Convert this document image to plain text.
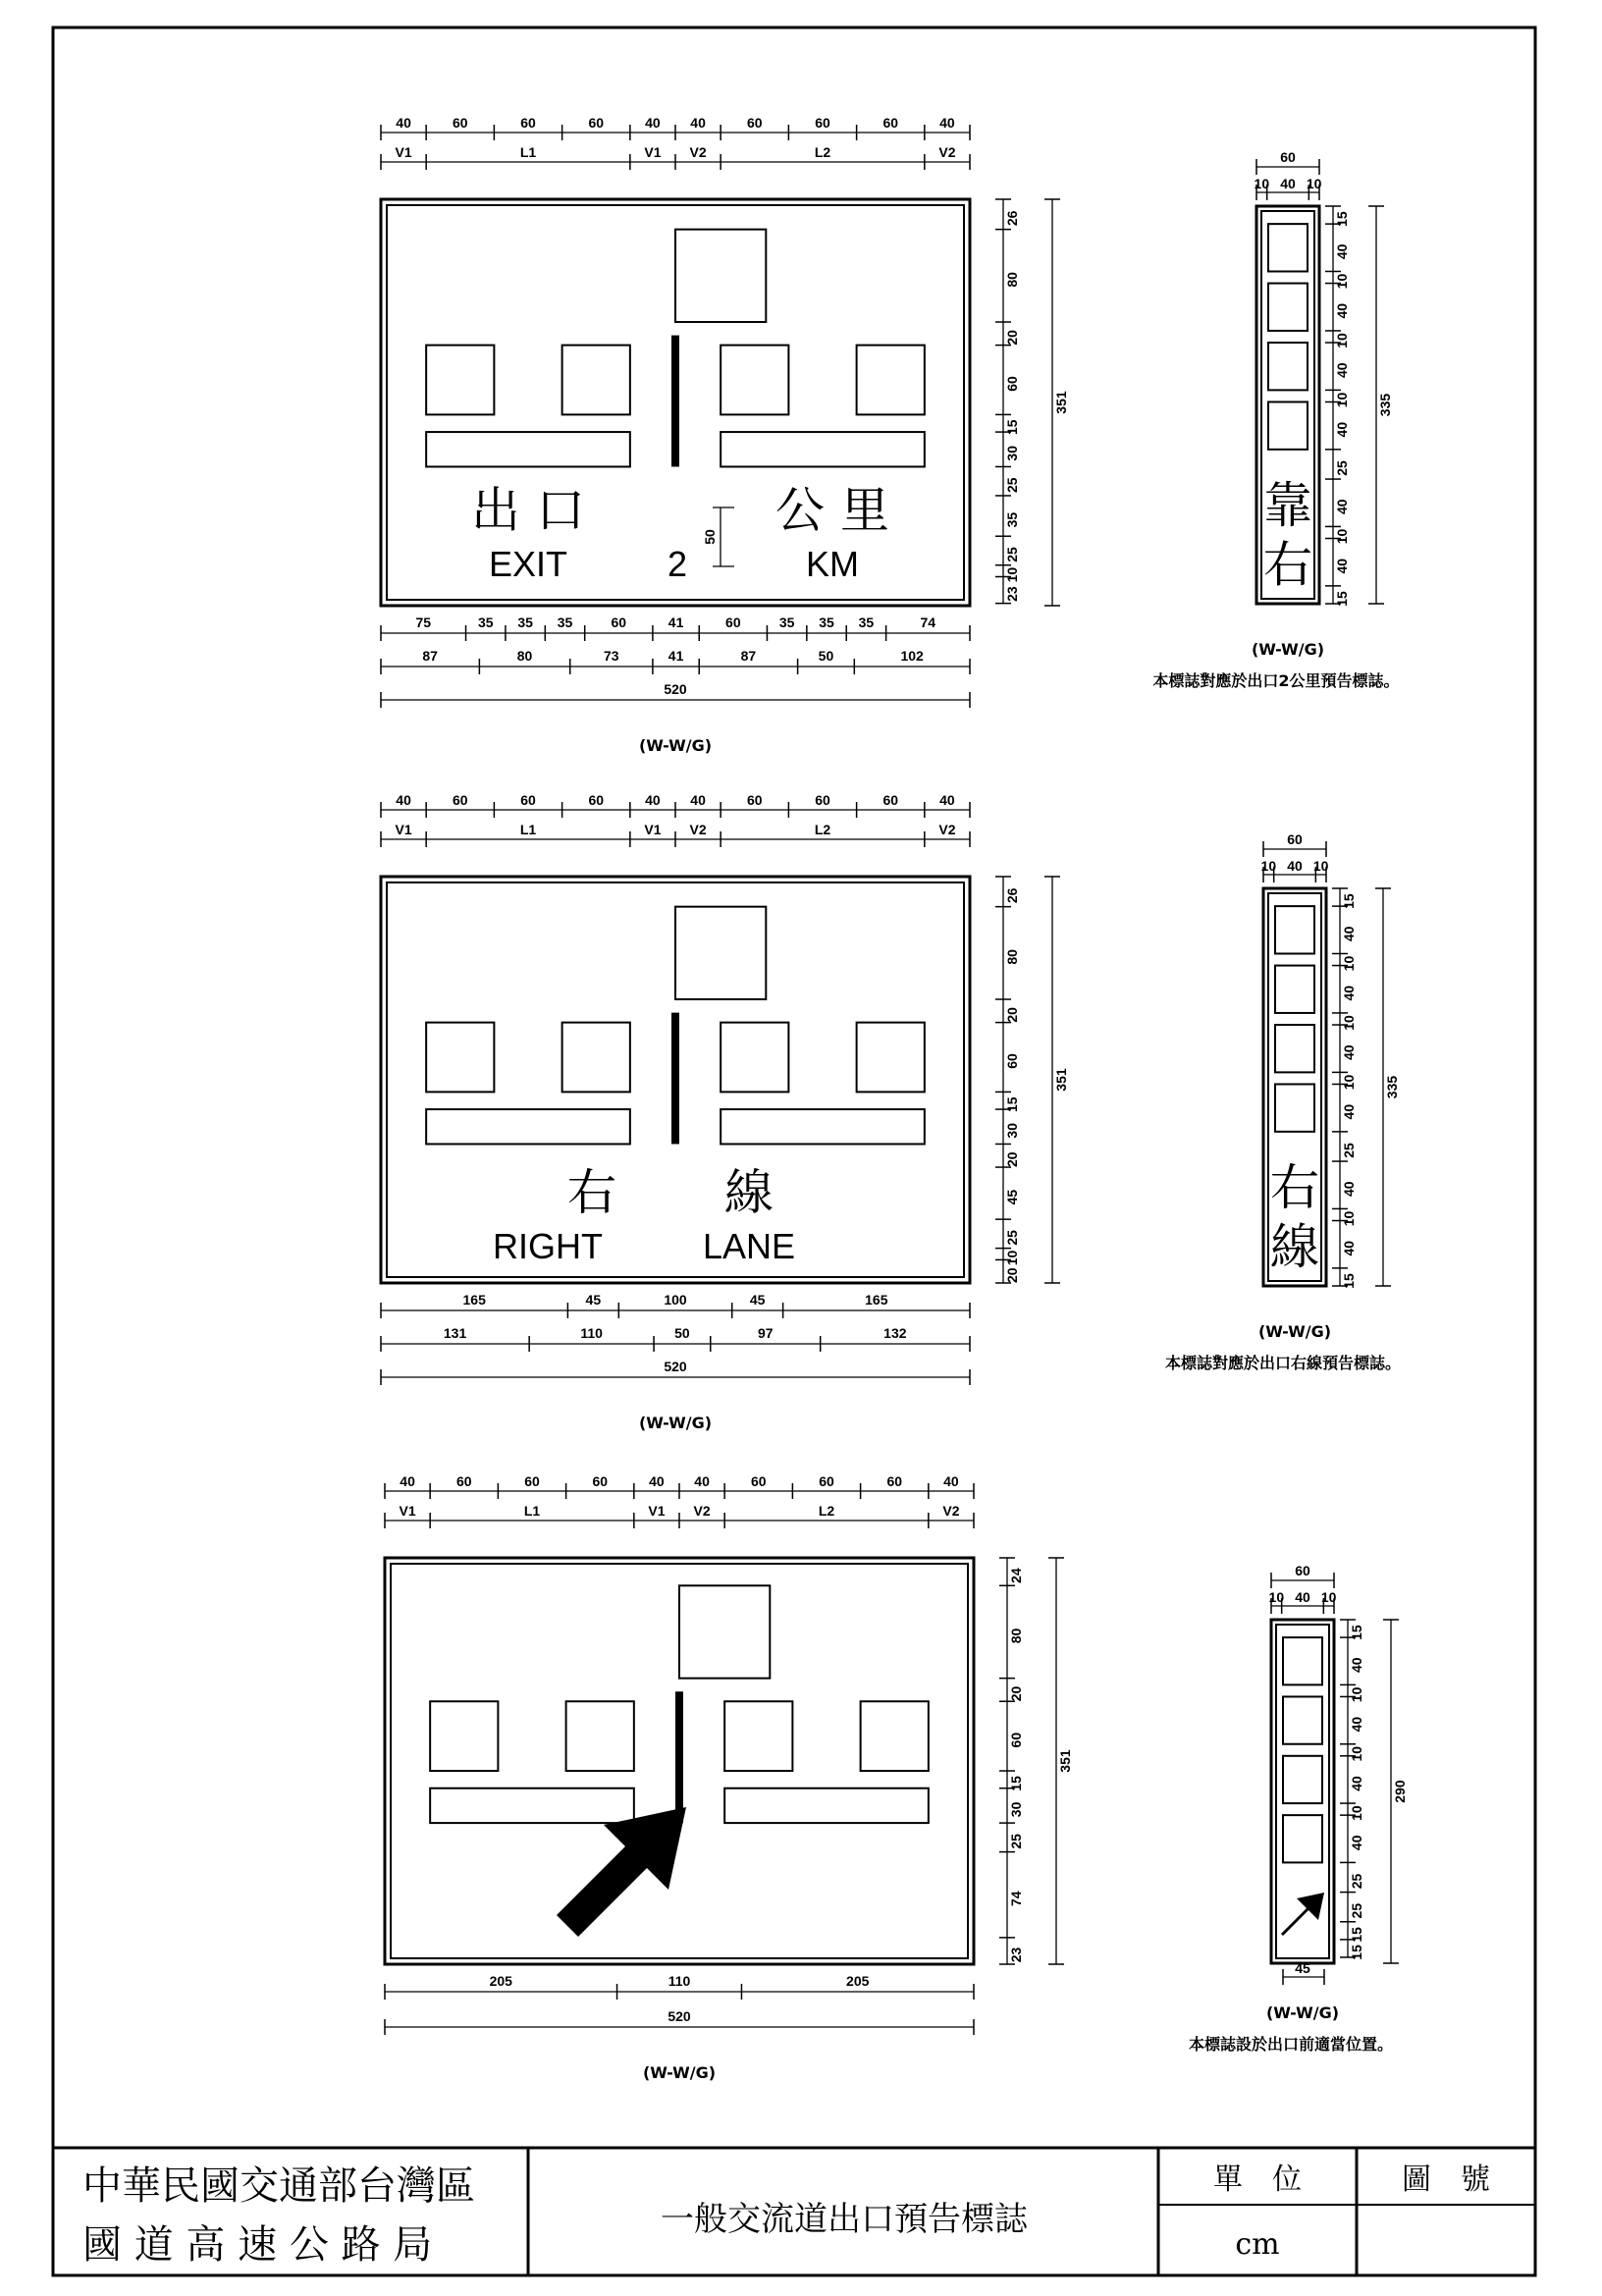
40	60	60	60	40 40	60	60	60	40
V1	L1	V1 V2	L2	V2
26
80
20
60
15
30
25
35
25
10
23
351
出 口
EXIT
公 里
KM
2
50
75	35 35 35	60	41	60	35 35 35	74
87	80	73	41	87	50	102
520
(W-W/G)
40	60	60	60	40 40	60	60	60	40
V1	L1	V1 V2	L2	V2
26
80
20
60
15
30
20
45
25
10
20
351
右
RIGHT
線
LANE
165	45	100	45	165
131	110	50	97	132
520
(W-W/G)
40	60	60	60	40 40	60	60	60	40
V1	L1	V1 V2	L2	V2
24
80
20
60
15
30
25
74
23
351
205	110	205
520
(W-W/G)
15
40
10
40
10
40
10
40
25
40
10
40
15
335
60
10 40 10
靠
右
(W-W/G)
本標誌對應於出口2公里預告標誌。
15
40
10
40
10
40
10
40
25
40
10
40
15
335
60
10 40 10
右
線
(W-W/G)
本標誌對應於出口右線預告標誌。
15
40
10
40
10
40
10
40
25
25
15
15
290
60
10 40 10
45
(W-W/G)
本標誌設於出口前適當位置。
中華民國交通部台灣區
國 道 高 速 公 路 局
一般交流道出口預告標誌
單　位
cm
圖　號
